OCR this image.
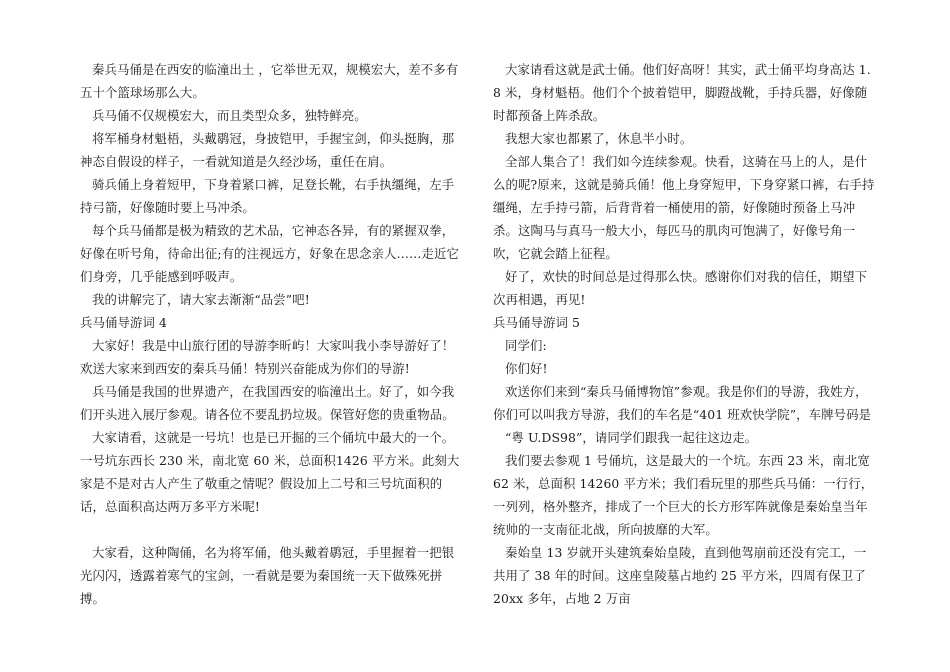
秦兵马俑是在西安的临潼出土 ，它举世无双，规模宏大，差不多有五十个篮球场那么大。

兵马俑不仅规模宏大，而且类型众多，独特鲜亮。

将军桶身材魁梧，头戴鹖冠，身披铠甲，手握宝剑，仰头挺胸，那神态自假设的样子，一看就知道是久经沙场，重任在肩。

骑兵俑上身着短甲，下身着紧口裤，足登长靴，右手执缰绳，左手持弓箭，好像随时要上马冲杀。

每个兵马俑都是极为精致的艺术品，它神态各异，有的紧握双拳，好像在听号角，待命出征;有的注视远方，好象在思念亲人……走近它们身旁，几乎能感到呼吸声。

我的讲解完了，请大家去渐渐“品尝”吧!

兵马俑导游词 4

大家好！我是中山旅行团的导游李昕屿！大家叫我小李导游好了！欢送大家来到西安的秦兵马俑！特别兴奋能成为你们的导游!

兵马俑是我国的世界遗产，在我国西安的临潼出土。好了，如今我们开头进入展厅参观。请各位不要乱扔垃圾。保管好您的贵重物品。

大家请看，这就是一号坑！也是已开掘的三个俑坑中最大的一个。一号坑东西长 230 米，南北宽 60 米，总面积1426 平方米。此刻大家是不是对古人产生了敬重之情呢？假设加上二号和三号坑面积的话，总面积高达两万多平方米呢!

大家看，这种陶俑，名为将军俑，他头戴着鹖冠，手里握着一把银光闪闪，透露着寒气的宝剑，一看就是要为秦国统一天下做殊死拼搏。

大家请看这就是武士俑。他们好高呀！其实，武士俑平均身高达 1.8 米，身材魁梧。他们个个披着铠甲，脚蹬战靴，手持兵器，好像随时都预备上阵杀敌。

我想大家也都累了，休息半小时。

全部人集合了！我们如今连续参观。快看，这骑在马上的人，是什么的呢?原来，这就是骑兵俑！他上身穿短甲，下身穿紧口裤，右手持缰绳，左手持弓箭，后背背着一桶使用的箭，好像随时预备上马冲杀。这陶马与真马一般大小，每匹马的肌肉可饱满了，好像号角一吹，它就会踏上征程。

好了，欢快的时间总是过得那么快。感谢你们对我的信任，期望下次再相遇，再见!

兵马俑导游词 5

同学们:

你们好!

欢送你们来到“秦兵马俑博物馆”参观。我是你们的导游，我姓方，你们可以叫我方导游，我们的车名是“401 班欢快学院”，车牌号码是

“粤 U.DS98”，请同学们跟我一起往这边走。

我们要去参观 1 号俑坑，这是最大的一个坑。东西 23 米，南北宽 62 米，总面积 14260 平方米；我们看玩里的那些兵马俑：一行行，一列列，格外整齐，排成了一个巨大的长方形军阵就像是秦始皇当年统帅的一支南征北战，所向披靡的大军。

秦始皇 13 岁就开头建筑秦始皇陵，直到他驾崩前还没有完工，一共用了 38 年的时间。这座皇陵墓占地约 25 平方米，四周有保卫了 20xx 多年，占地 2 万亩
